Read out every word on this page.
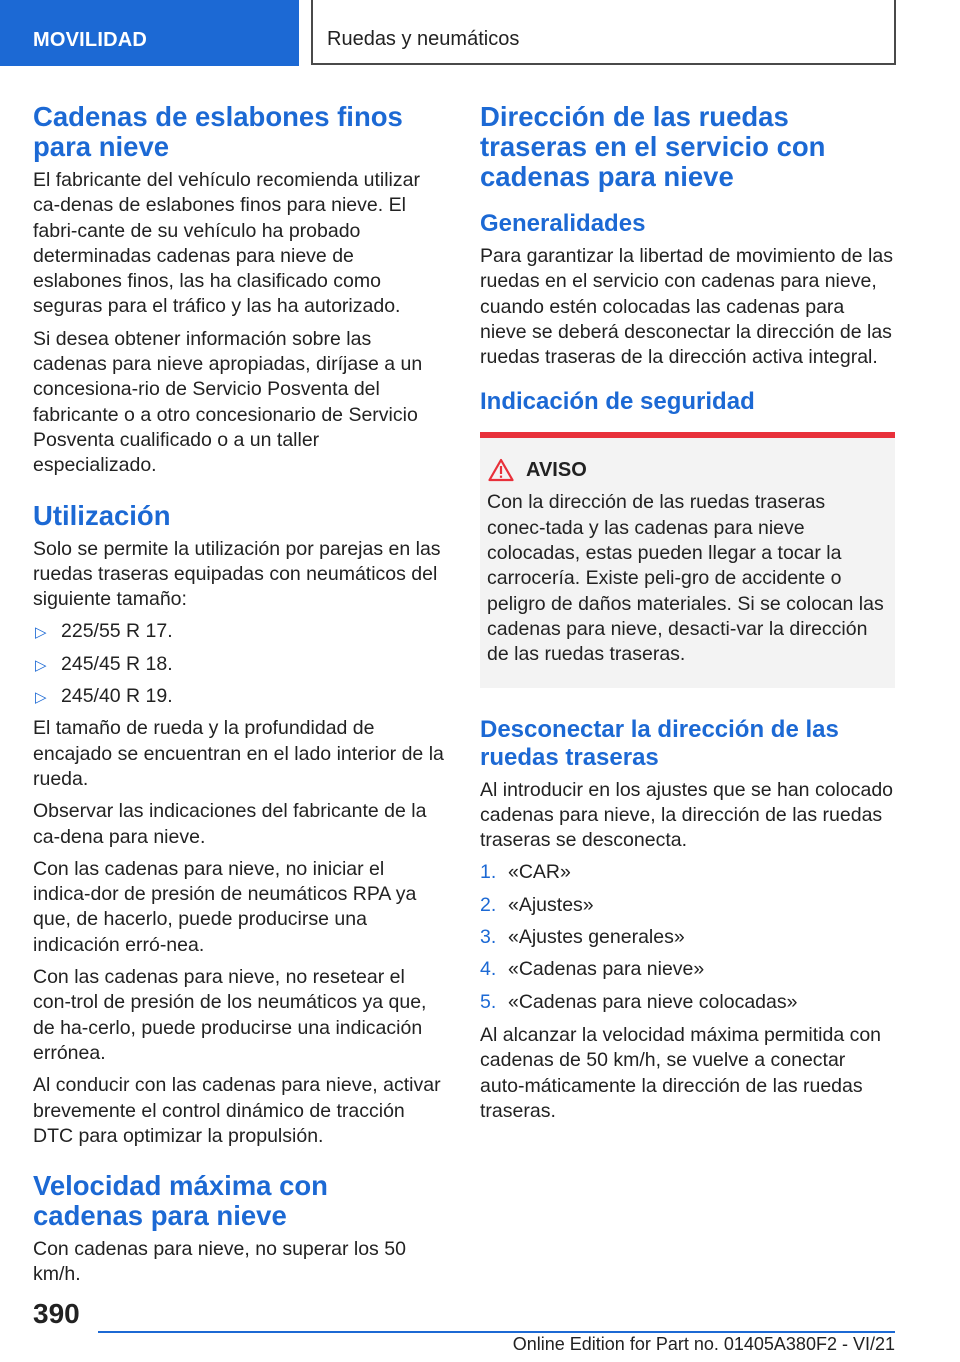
MOVILIDAD	Ruedas y neumáticos
Cadenas de eslabones finos para nieve

El fabricante del vehículo recomienda utilizar ca-denas de eslabones finos para nieve. El fabri-cante de su vehículo ha probado determinadas cadenas para nieve de eslabones finos, las ha clasificado como seguras para el tráfico y las ha autorizado.

Si desea obtener información sobre las cadenas para nieve apropiadas, diríjase a un concesiona-rio de Servicio Posventa del fabricante o a otro concesionario de Servicio Posventa cualificado o a un taller especializado.

Utilización

Solo se permite la utilización por parejas en las ruedas traseras equipadas con neumáticos del siguiente tamaño:

▷ 225/55 R 17.
▷ 245/45 R 18.
▷ 245/40 R 19.

El tamaño de rueda y la profundidad de encajado se encuentran en el lado interior de la rueda.

Observar las indicaciones del fabricante de la ca-dena para nieve.

Con las cadenas para nieve, no iniciar el indica-dor de presión de neumáticos RPA ya que, de hacerlo, puede producirse una indicación erró-nea.

Con las cadenas para nieve, no resetear el con-trol de presión de los neumáticos ya que, de ha-cerlo, puede producirse una indicación errónea.

Al conducir con las cadenas para nieve, activar brevemente el control dinámico de tracción DTC para optimizar la propulsión.

Velocidad máxima con cadenas para nieve

Con cadenas para nieve, no superar los 50 km/h.

Dirección de las ruedas traseras en el servicio con cadenas para nieve
Generalidades

Para garantizar la libertad de movimiento de las ruedas en el servicio con cadenas para nieve, cuando estén colocadas las cadenas para nieve se deberá desconectar la dirección de las ruedas traseras de la dirección activa integral.

Indicación de seguridad
AVISO

Con la dirección de las ruedas traseras conec-tada y las cadenas para nieve colocadas, estas pueden llegar a tocar la carrocería. Existe peli-gro de accidente o peligro de daños materiales. Si se colocan las cadenas para nieve, desacti-var la dirección de las ruedas traseras.

Desconectar la dirección de las ruedas traseras

Al introducir en los ajustes que se han colocado cadenas para nieve, la dirección de las ruedas traseras se desconecta.

1. «CAR»
2. «Ajustes»
3. «Ajustes generales»
4. «Cadenas para nieve»
5. «Cadenas para nieve colocadas»

Al alcanzar la velocidad máxima permitida con cadenas de 50 km/h, se vuelve a conectar auto-máticamente la dirección de las ruedas traseras.

390
Online Edition for Part no. 01405A380F2 - VI/21
